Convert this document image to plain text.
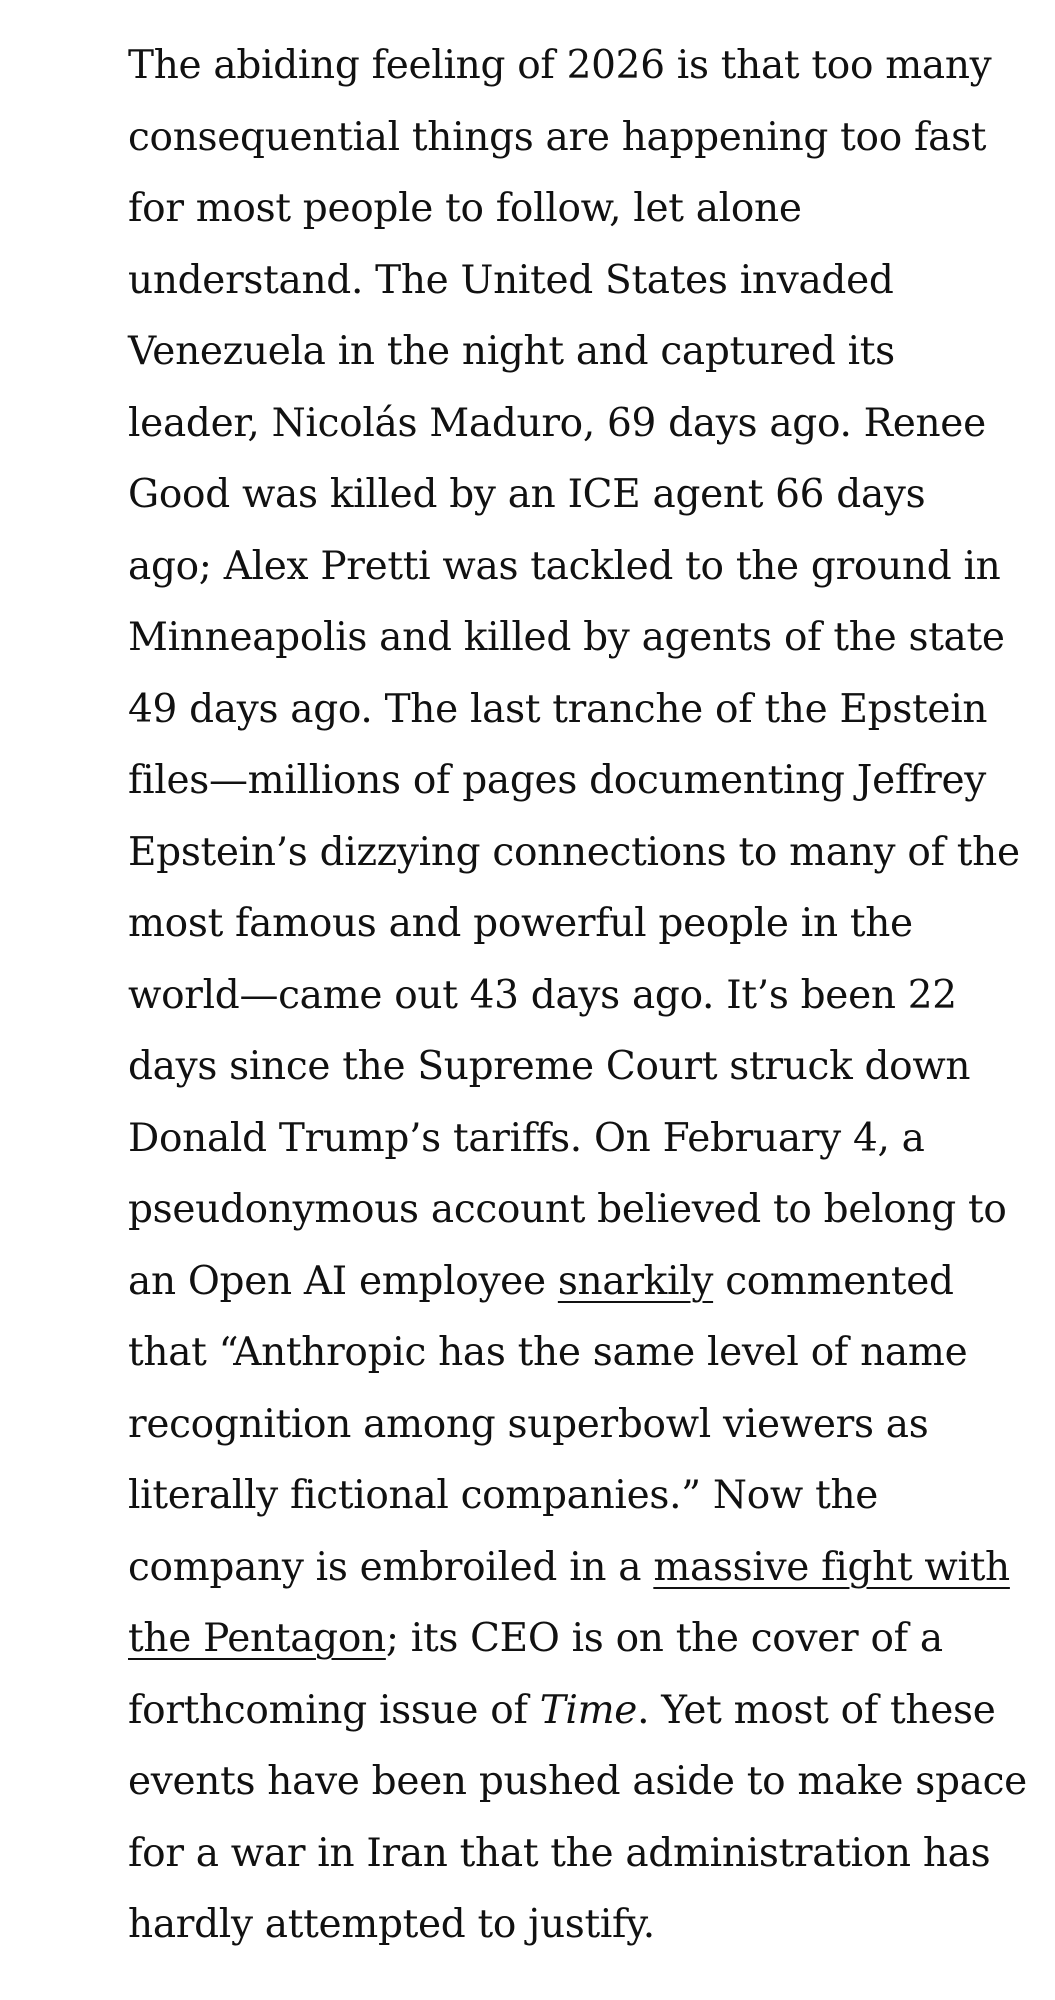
The abiding feeling of 2026 is that too many
consequential things are happening too fast
for most people to follow, let alone
understand. The United States invaded
Venezuela in the night and captured its
leader, Nicolás Maduro, 69 days ago. Renee
Good was killed by an ICE agent 66 days
ago; Alex Pretti was tackled to the ground in
Minneapolis and killed by agents of the state
49 days ago. The last tranche of the Epstein
files—millions of pages documenting Jeffrey
Epstein’s dizzying connections to many of the
most famous and powerful people in the
world—came out 43 days ago. It’s been 22
days since the Supreme Court struck down
Donald Trump’s tariffs. On February 4, a
pseudonymous account believed to belong to
an Open AI employee snarkily commented
that “Anthropic has the same level of name
recognition among superbowl viewers as
literally fictional companies.” Now the
company is embroiled in a massive fight with
the Pentagon; its CEO is on the cover of a
forthcoming issue of Time. Yet most of these
events have been pushed aside to make space
for a war in Iran that the administration has
hardly attempted to justify.
